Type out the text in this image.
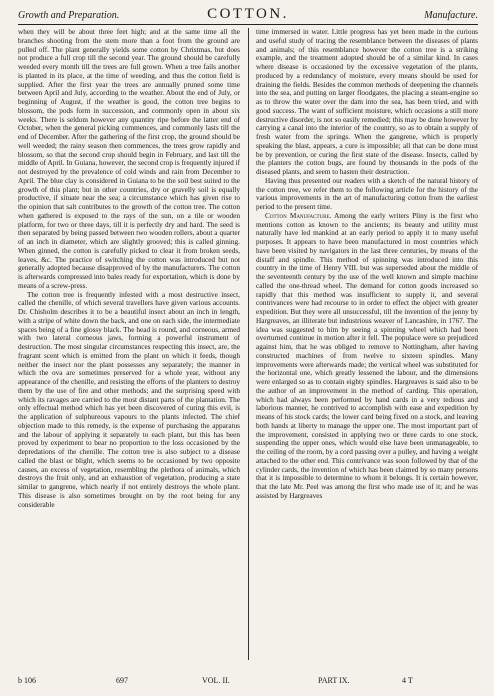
Growth and Preparation.	COTTON.	Manufacture.

when they will be about three feet high; and at the same time all the branches shooting from the stem more than a foot from the ground are pulled off. The plant generally yields some cotton by Christmas, but does not produce a full crop till the second year. The ground should be carefully weeded every month till the trees are full grown. When a tree fails another is planted in its place, at the time of weeding, and thus the cotton field is supplied. After the first year the trees are annually pruned some time between April and July, according to the weather. About the end of July, or beginning of August, if the weather is good, the cotton tree begins to blossom, the pods form in succession, and commonly open in about six weeks. There is seldom however any quantity ripe before the latter end of October, when the general picking commences, and commonly lasts till the end of December. After the gathering of the first crop, the ground should be well weeded; the rainy season then commences, the trees grow rapidly and blossom, so that the second crop should begin in February, and last till the middle of April. In Guiana, however, the second crop is frequently injured if not destroyed by the prevalence of cold winds and rain from December to April. The blue clay is considered in Guiana to be the soil best suited to the growth of this plant; but in other countries, dry or gravelly soil is equally productive, if situate near the sea; a circumstance which has given rise to the opinion that salt contributes to the growth of the cotton tree. The cotton when gathered is exposed to the rays of the sun, on a tile or wooden platform, for two or three days, till it is perfectly dry and hard. The seed is then separated by being passed between two wooden rollers, about a quarter of an inch in diameter, which are slightly grooved; this is called ginning. When ginned, the cotton is carefully picked to clear it from broken seeds, leaves, &c. The practice of switching the cotton was introduced but not generally adopted because disapproved of by the manufacturers. The cotton is afterwards compressed into bales ready for exportation, which is done by means of a screw-press.

The cotton tree is frequently infested with a most destructive insect, called the chenille, of which several travellers have given various accounts. Dr. Chisholm describes it to be a beautiful insect about an inch in length, with a stripe of white down the back, and one on each side, the intermediate spaces being of a fine glossy black. The head is round, and corneous, armed with two lateral corneous jaws, forming a powerful instrument of destruction. The most singular circumstances respecting this insect, are, the fragrant scent which is emitted from the plant on which it feeds, though neither the insect nor the plant possesses any separately; the manner in which the ova are sometimes preserved for a whole year, without any appearance of the chenille, and resisting the efforts of the planters to destroy them by the use of fire and other methods; and the surprising speed with which its ravages are carried to the most distant parts of the plantation. The only effectual method which has yet been discovered of curing this evil, is the application of sulphureous vapours to the plants infected. The chief objection made to this remedy, is the expense of purchasing the apparatus and the labour of applying it separately to each plant, but this has been proved by experiment to bear no proportion to the loss occasioned by the depredations of the chenille. The cotton tree is also subject to a disease called the blast or blight, which seems to be occasioned by two opposite causes, an excess of vegetation, resembling the plethora of animals, which destroys the fruit only, and an exhaustion of vegetation, producing a state similar to gangrene, which nearly if not entirely destroys the whole plant. This disease is also sometimes brought on by the root being for any considerable

time immersed in water. Little progress has yet been made in the curious and useful study of tracing the resemblance between the diseases of plants and animals; of this resemblance however the cotton tree is a striking example, and the treatment adopted should be of a similar kind. In cases where disease is occasioned by the excessive vegetation of the plants, produced by a redundancy of moisture, every means should be used for draining the fields. Besides the common methods of deepening the channels into the sea, and putting on larger floodgates, the placing a steam-engine so as to throw the water over the dam into the sea, has been tried, and with good success. The want of sufficient moisture, which occasions a still more destructive disorder, is not so easily remedied; this may be done however by carrying a canal into the interior of the country, so as to obtain a supply of fresh water from the springs. When the gangrene, which is properly speaking the blast, appears, a cure is impossible; all that can be done must be by prevention, or curing the first state of the disease. Insects, called by the planters the cotton bugs, are found by thousands in the pods of the diseased plants, and seem to hasten their destruction.

Having thus presented our readers with a sketch of the natural history of the cotton tree, we refer them to the following article for the history of the various improvements in the art of manufacturing cotton from the earliest period to the present time.

Cotton Manufacture. Among the early writers Pliny is the first who mentions cotton as known to the ancients; its beauty and utility must naturally have led mankind at an early period to apply it to many useful purposes. It appears to have been manufactured in most countries which have been visited by navigators in the last three centuries, by means of the distaff and spindle. This method of spinning was introduced into this country in the time of Henry VIII. but was superseded about the middle of the seventeenth century by the use of the well known and simple machine called the one-thread wheel. The demand for cotton goods increased so rapidly that this method was insufficient to supply it, and several contrivances were had recourse to in order to effect the object with greater expedition. But they were all unsuccessful, till the invention of the jenny by Hargreaves, an illiterate but industrious weaver of Lancashire, in 1767. The idea was suggested to him by seeing a spinning wheel which had been overturned continue in motion after it fell. The populace were so prejudiced against him, that he was obliged to remove to Nottingham, after having constructed machines of from twelve to sixteen spindles. Many improvements were afterwards made; the vertical wheel was substituted for the horizontal one, which greatly lessened the labour, and the dimensions were enlarged so as to contain eighty spindles. Hargreaves is said also to be the author of an improvement in the method of carding. This operation, which had always been performed by hand cards in a very tedious and laborious manner, he contrived to accomplish with ease and expedition by means of his stock cards; the lower card being fixed on a stock, and leaving both hands at liberty to manage the upper one. The most important part of the improvement, consisted in applying two or three cards to one stock, suspending the upper ones, which would else have been unmanageable, to the ceiling of the room, by a cord passing over a pulley, and having a weight attached to the other end. This contrivance was soon followed by that of the cylinder cards, the invention of which has been claimed by so many persons that it is impossible to determine to whom it belongs. It is certain however, that the late Mr. Peel was among the first who made use of it; and he was assisted by Hargreaves

b 106	697	VOL. II.	PART IX.	4 T
